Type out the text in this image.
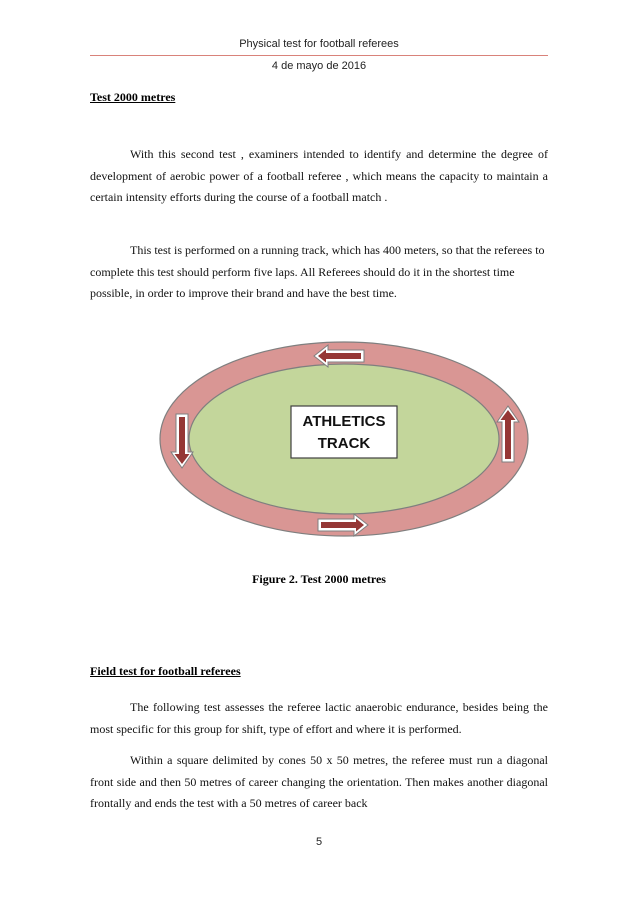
Physical test for football referees
4 de mayo de 2016
Test 2000 metres
With this second test , examiners intended to identify and determine the degree of development of aerobic power of a football referee , which means the capacity to maintain a certain intensity efforts during the course of a football match .
This test is performed on a running track, which has 400 meters, so that the referees to complete this test should perform five laps. All Referees should do it in the shortest time possible, in order to improve their brand and have the best time.
ATHLETICS
TRACK
Figure 2. Test 2000 metres
Field test for football referees
The following test assesses the referee lactic anaerobic endurance, besides being the most specific for this group for shift, type of effort and where it is performed.
Within a square delimited by cones 50 x 50 metres, the referee must run a diagonal front side and then 50 metres of career changing the orientation. Then makes another diagonal frontally and ends the test with a 50 metres of career back
5
